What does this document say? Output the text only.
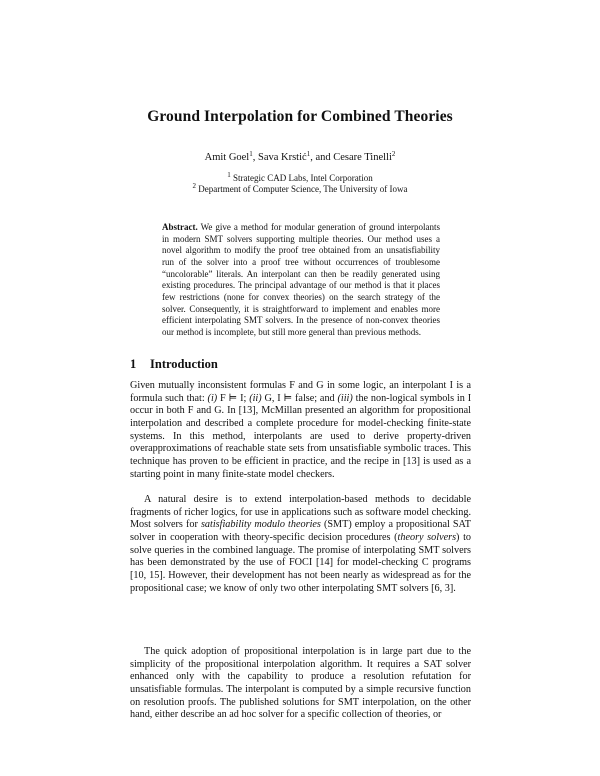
Ground Interpolation for Combined Theories
Amit Goel$^1$, Sava Krstić$^1$, and Cesare Tinelli$^2$
$^1$ Strategic CAD Labs, Intel Corporation
$^2$ Department of Computer Science, The University of Iowa
Abstract. We give a method for modular generation of ground interpolants in modern SMT solvers supporting multiple theories. Our method uses a novel algorithm to modify the proof tree obtained from an unsatisfiability run of the solver into a proof tree without occurrences of troublesome “uncolorable” literals. An interpolant can then be readily generated using existing procedures. The principal advantage of our method is that it places few restrictions (none for convex theories) on the search strategy of the solver. Consequently, it is straightforward to implement and enables more efficient interpolating SMT solvers. In the presence of non-convex theories our method is incomplete, but still more general than previous methods.
1 Introduction
Given mutually inconsistent formulas F and G in some logic, an interpolant I is a formula such that: (i) F ⊨ I; (ii) G, I ⊨ false; and (iii) the non-logical symbols in I occur in both F and G. In [13], McMillan presented an algorithm for propositional interpolation and described a complete procedure for model-checking finite-state systems. In this method, interpolants are used to derive property-driven overapproximations of reachable state sets from unsatisfiable symbolic traces. This technique has proven to be efficient in practice, and the recipe in [13] is used as a starting point in many finite-state model checkers.
A natural desire is to extend interpolation-based methods to decidable fragments of richer logics, for use in applications such as software model checking. Most solvers for satisfiability modulo theories (SMT) employ a propositional SAT solver in cooperation with theory-specific decision procedures (theory solvers) to solve queries in the combined language. The promise of interpolating SMT solvers has been demonstrated by the use of FOCI [14] for model-checking C programs [10, 15]. However, their development has not been nearly as widespread as for the propositional case; we know of only two other interpolating SMT solvers [6, 3].
The quick adoption of propositional interpolation is in large part due to the simplicity of the propositional interpolation algorithm. It requires a SAT solver enhanced only with the capability to produce a resolution refutation for unsatisfiable formulas. The interpolant is computed by a simple recursive function on resolution proofs. The published solutions for SMT interpolation, on the other hand, either describe an ad hoc solver for a specific collection of theories, or
